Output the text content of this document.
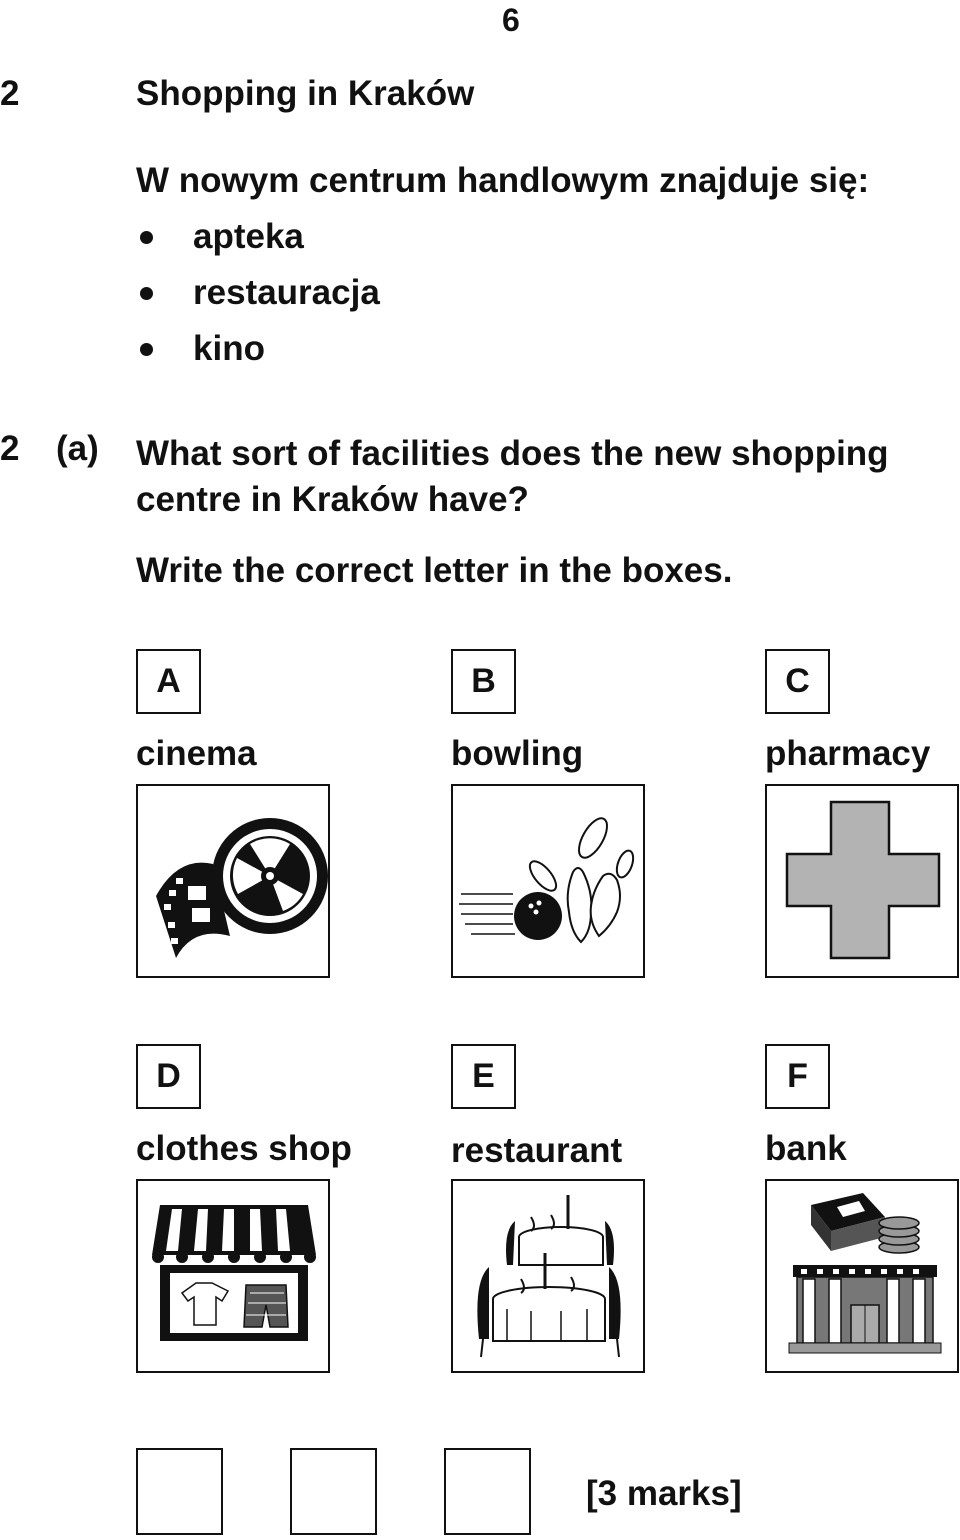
6
2	Shopping in Kraków
W nowym centrum handlowym znajduje się:
apteka
restauracja
kino
2 (a) What sort of facilities does the new shopping centre in Kraków have?
Write the correct letter in the boxes.
A
cinema
B
bowling
C
pharmacy
D
clothes shop
E
restaurant
F
bank
[3 marks]
